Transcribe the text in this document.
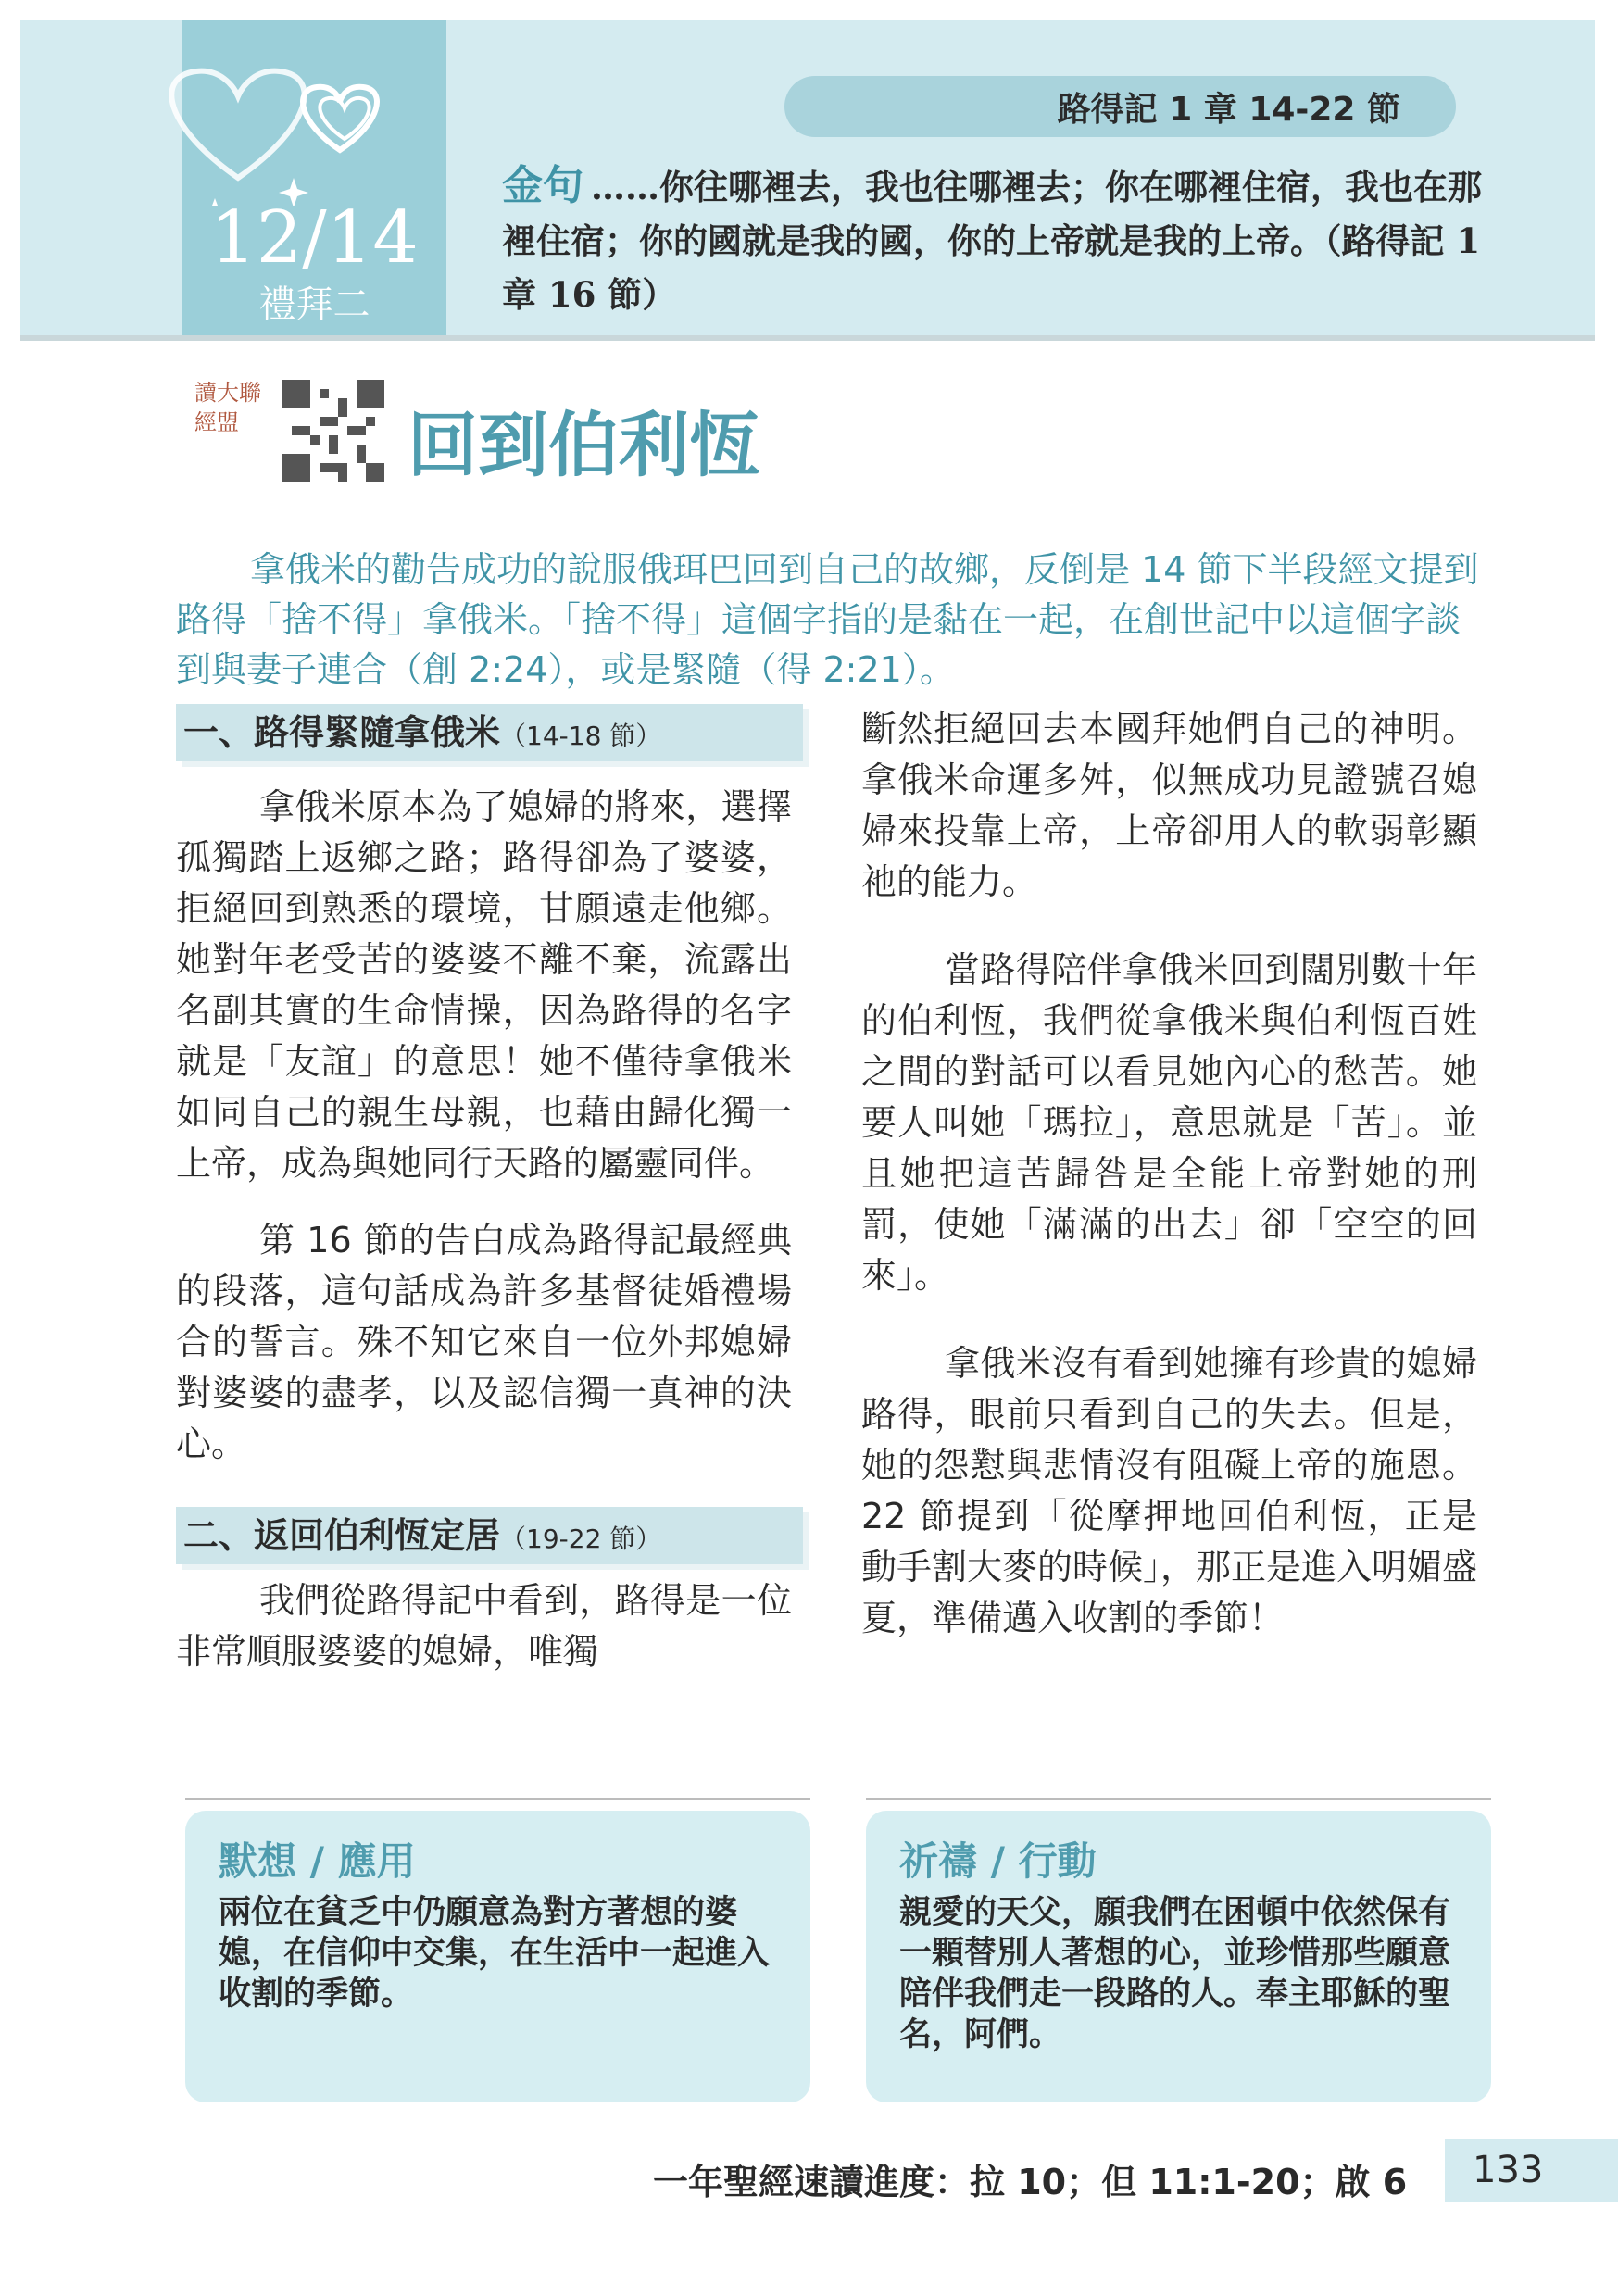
12/14
禮拜二
路得記 1 章 14-22 節
金句 ……你往哪裡去，我也往哪裡去；你在哪裡住宿，我也在那裡住宿；你的國就是我的國，你的上帝就是我的上帝。（路得記 1 章 16 節）
讀大聯經盟	回到伯利恆

拿俄米的勸告成功的說服俄珥巴回到自己的故鄉，反倒是 14 節下半段經文提到路得「捨不得」拿俄米。「捨不得」這個字指的是黏在一起，在創世記中以這個字談到與妻子連合（創 2:24），或是緊隨（得 2:21）。

一、路得緊隨拿俄米（14-18 節）

拿俄米原本為了媳婦的將來，選擇孤獨踏上返鄉之路；路得卻為了婆婆，拒絕回到熟悉的環境，甘願遠走他鄉。她對年老受苦的婆婆不離不棄，流露出名副其實的生命情操，因為路得的名字就是「友誼」的意思！她不僅待拿俄米如同自己的親生母親，也藉由歸化獨一上帝，成為與她同行天路的屬靈同伴。

第 16 節的告白成為路得記最經典的段落，這句話成為許多基督徒婚禮場合的誓言。殊不知它來自一位外邦媳婦對婆婆的盡孝，以及認信獨一真神的決心。

二、返回伯利恆定居（19-22 節）

我們從路得記中看到，路得是一位非常順服婆婆的媳婦，唯獨

斷然拒絕回去本國拜她們自己的神明。拿俄米命運多舛，似無成功見證號召媳婦來投靠上帝，上帝卻用人的軟弱彰顯祂的能力。

當路得陪伴拿俄米回到闊別數十年的伯利恆，我們從拿俄米與伯利恆百姓之間的對話可以看見她內心的愁苦。她要人叫她「瑪拉」，意思就是「苦」。並且她把這苦歸咎是全能上帝對她的刑罰，使她「滿滿的出去」卻「空空的回來」。

拿俄米沒有看到她擁有珍貴的媳婦路得，眼前只看到自己的失去。但是，她的怨懟與悲情沒有阻礙上帝的施恩。22 節提到「從摩押地回伯利恆，正是動手割大麥的時候」，那正是進入明媚盛夏，準備邁入收割的季節！

默想 / 應用
兩位在貧乏中仍願意為對方著想的婆媳，在信仰中交集，在生活中一起進入收割的季節。
祈禱 / 行動
親愛的天父，願我們在困頓中依然保有一顆替別人著想的心，並珍惜那些願意陪伴我們走一段路的人。奉主耶穌的聖名，阿們。
一年聖經速讀進度：拉 10；但 11:1-20；啟 6 133
